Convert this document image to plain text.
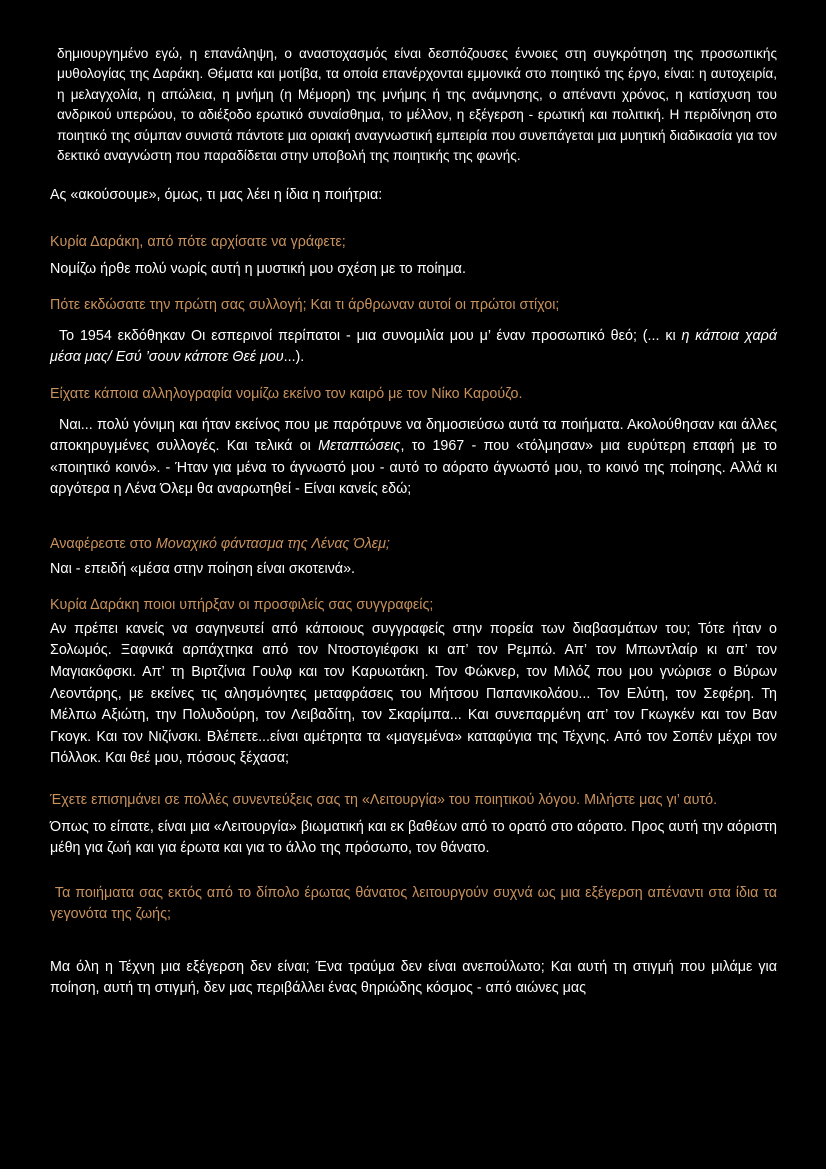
δημιουργημένο εγώ, η επανάληψη, ο αναστοχασμός είναι δεσπόζουσες έννοιες στη συγκρότηση της προσωπικής μυθολογίας της Δαράκη. Θέματα και μοτίβα, τα οποία επανέρχονται εμμονικά στο ποιητικό της έργο, είναι: η αυτοχειρία, η μελαγχολία, η απώλεια, η μνήμη (η Μέμορη) της μνήμης ή της ανάμνησης, ο απέναντι χρόνος, η κατίσχυση του ανδρικού υπερώου, το αδιέξοδο ερωτικό συναίσθημα, το μέλλον, η εξέγερση - ερωτική και πολιτική. Η περιδίνηση στο ποιητικό της σύμπαν συνιστά πάντοτε μια οριακή αναγνωστική εμπειρία που συνεπάγεται μια μυητική διαδικασία για τον δεκτικό αναγνώστη που παραδίδεται στην υποβολή της ποιητικής της φωνής.

Ας «ακούσουμε», όμως, τι μας λέει η ίδια η ποιήτρια:

Κυρία Δαράκη, από πότε αρχίσατε να γράφετε;

Νομίζω ήρθε πολύ νωρίς αυτή η μυστική μου σχέση με το ποίημα.

Πότε εκδώσατε την πρώτη σας συλλογή; Και τι άρθρωναν αυτοί οι πρώτοι στίχοι;

Το 1954 εκδόθηκαν Οι εσπερινοί περίπατοι - μια συνομιλία μου μ’ έναν προσωπικό θεό; (... κι η κάποια χαρά μέσα μας/ Εσύ ’σουν κάποτε Θεέ μου...).

Είχατε κάποια αλληλογραφία νομίζω εκείνο τον καιρό με τον Νίκο Καρούζο.

Ναι... πολύ γόνιμη και ήταν εκείνος που με παρότρυνε να δημοσιεύσω αυτά τα ποιήματα. Ακολούθησαν και άλλες αποκηρυγμένες συλλογές. Και τελικά οι Μεταπτώσεις, το 1967 - που «τόλμησαν» μια ευρύτερη επαφή με το «ποιητικό κοινό». - Ήταν για μένα το άγνωστό μου - αυτό το αόρατο άγνωστό μου, το κοινό της ποίησης. Αλλά κι αργότερα η Λένα Όλεμ θα αναρωτηθεί - Είναι κανείς εδώ;

Αναφέρεστε στο Μοναχικό φάντασμα της Λένας Όλεμ;

Ναι - επειδή «μέσα στην ποίηση είναι σκοτεινά».

Κυρία Δαράκη ποιοι υπήρξαν οι προσφιλείς σας συγγραφείς;

Αν πρέπει κανείς να σαγηνευτεί από κάποιους συγγραφείς στην πορεία των διαβασμάτων του; Τότε ήταν ο Σολωμός. Ξαφνικά αρπάχτηκα από τον Ντοστογιέφσκι κι απ’ τον Ρεμπώ. Απ’ τον Μπωντλαίρ κι απ’ τον Μαγιακόφσκι. Απ’ τη Βιρτζίνια Γουλφ και τον Καρυωτάκη. Τον Φώκνερ, τον Μιλόζ που μου γνώρισε ο Βύρων Λεοντάρης, με εκείνες τις αλησμόνητες μεταφράσεις του Μήτσου Παπανικολάου... Τον Ελύτη, τον Σεφέρη. Τη Μέλπω Αξιώτη, την Πολυδούρη, τον Λειβαδίτη, τον Σκαρίμπα... Και συνεπαρμένη απ’ τον Γκωγκέν και τον Βαν Γκογκ. Και τον Νιζίνσκι. Βλέπετε...είναι αμέτρητα τα «μαγεμένα» καταφύγια της Τέχνης. Από τον Σοπέν μέχρι τον Πόλλοκ. Και θεέ μου, πόσους ξέχασα;

Έχετε επισημάνει σε πολλές συνεντεύξεις σας τη «Λειτουργία» του ποιητικού λόγου. Μιλήστε μας γι’ αυτό.

Όπως το είπατε, είναι μια «Λειτουργία» βιωματική και εκ βαθέων από το ορατό στο αόρατο. Προς αυτή την αόριστη μέθη για ζωή και για έρωτα και για το άλλο της πρόσωπο, τον θάνατο.

Τα ποιήματα σας εκτός από το δίπολο έρωτας θάνατος λειτουργούν συχνά ως μια εξέγερση απέναντι στα ίδια τα γεγονότα της ζωής;

Μα όλη η Τέχνη μια εξέγερση δεν είναι; Ένα τραύμα δεν είναι ανεπούλωτο; Και αυτή τη στιγμή που μιλάμε για ποίηση, αυτή τη στιγμή, δεν μας περιβάλλει ένας θηριώδης κόσμος - από αιώνες μας
